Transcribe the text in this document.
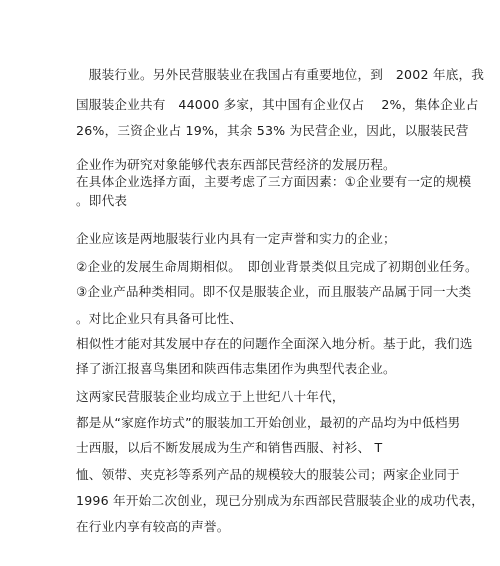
　服装行业。另外民营服装业在我国占有重要地位，到　2002 年底，我
国服装企业共有　44000 多家，其中国有企业仅占　 2%，集体企业占
26%，三资企业占 19%，其余 53% 为民营企业，因此，以服装民营
企业作为研究对象能够代表东西部民营经济的发展历程。
在具体企业选择方面，主要考虑了三方面因素：①企业要有一定的规模
。即代表
企业应该是两地服装行业内具有一定声誉和实力的企业；
②企业的发展生命周期相似。　即创业背景类似且完成了初期创业任务。
③企业产品种类相同。即不仅是服装企业，而且服装产品属于同一大类
。对比企业只有具备可比性、
相似性才能对其发展中存在的问题作全面深入地分析。基于此，我们选
择了浙江报喜鸟集团和陕西伟志集团作为典型代表企业。
这两家民营服装企业均成立于上世纪八十年代，
都是从“家庭作坊式”的服装加工开始创业，最初的产品均为中低档男
士西服，以后不断发展成为生产和销售西服、衬衫、 T
恤、领带、夹克衫等系列产品的规模较大的服装公司；两家企业同于
1996 年开始二次创业，现已分别成为东西部民营服装企业的成功代表，
在行业内享有较高的声誉。
